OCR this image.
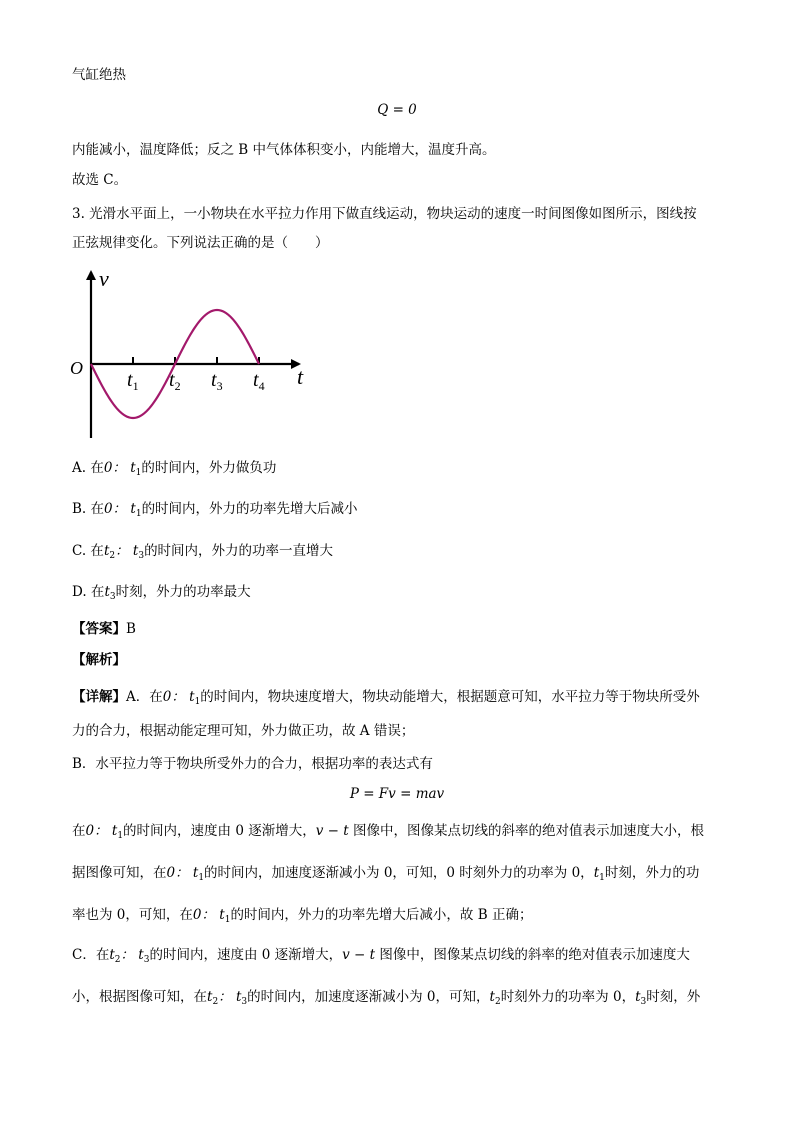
气缸绝热
Q = 0
内能减小，温度降低；反之 B 中气体体积变小，内能增大，温度升高。
故选 C。
3. 光滑水平面上，一小物块在水平拉力作用下做直线运动，物块运动的速度一时间图像如图所示，图线按
正弦规律变化。下列说法正确的是（　　）
v
t
O
$t_1$ $t_2$ $t_3$ $t_4$
A. 在0： $t_1$的时间内，外力做负功
B. 在0： $t_1$的时间内，外力的功率先增大后减小
C. 在$t_2$： $t_3$的时间内，外力的功率一直增大
D. 在$t_3$时刻，外力的功率最大
【答案】B
【解析】
【详解】A．在0： $t_1$的时间内，物块速度增大，物块动能增大，根据题意可知，水平拉力等于物块所受外
力的合力，根据动能定理可知，外力做正功，故 A 错误；
B．水平拉力等于物块所受外力的合力，根据功率的表达式有
P = Fv = mav
在0： $t_1$的时间内，速度由 0 逐渐增大，v − t 图像中，图像某点切线的斜率的绝对值表示加速度大小，根
据图像可知，在0： $t_1$的时间内，加速度逐渐减小为 0，可知，0 时刻外力的功率为 0，$t_1$时刻，外力的功
率也为 0，可知，在0： $t_1$的时间内，外力的功率先增大后减小，故 B 正确；
C．在$t_2$： $t_3$的时间内，速度由 0 逐渐增大，v − t 图像中，图像某点切线的斜率的绝对值表示加速度大
小，根据图像可知，在$t_2$： $t_3$的时间内，加速度逐渐减小为 0，可知，$t_2$时刻外力的功率为 0，$t_3$时刻，外
